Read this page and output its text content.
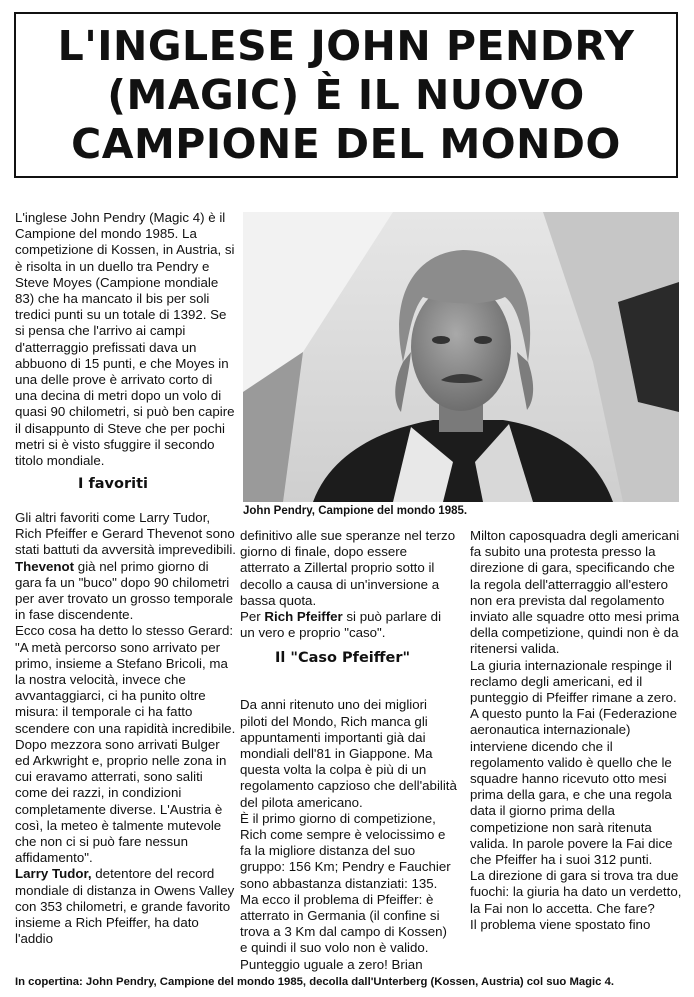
L'INGLESE JOHN PENDRY
(MAGIC) È IL NUOVO
CAMPIONE DEL MONDO

L'inglese John Pendry (Magic 4) è il Campione del mondo 1985. La competizione di Kossen, in Austria, si è risolta in un duello tra Pendry e Steve Moyes (Campione mondiale 83) che ha mancato il bis per soli tredici punti su un totale di 1392. Se si pensa che l'arrivo ai campi d'atterraggio prefissati dava un abbuono di 15 punti, e che Moyes in una delle prove è arrivato corto di una decina di metri dopo un volo di quasi 90 chilometri, si può ben capire il disappunto di Steve che per pochi metri si è visto sfuggire il secondo titolo mondiale.

John Pendry, Campione del mondo 1985.
I favoriti

Gli altri favoriti come Larry Tudor, Rich Pfeiffer e Gerard Thevenot sono stati battuti da avversità imprevedibili.

Thevenot già nel primo giorno di gara fa un "buco" dopo 90 chilometri per aver trovato un grosso temporale in fase discendente.

Ecco cosa ha detto lo stesso Gerard: "A metà percorso sono arrivato per primo, insieme a Stefano Bricoli, ma la nostra velocità, invece che avvantaggiarci, ci ha punito oltre misura: il temporale ci ha fatto scendere con una rapidità incredibile. Dopo mezzora sono arrivati Bulger ed Arkwright e, proprio nelle zona in cui eravamo atterrati, sono saliti come dei razzi, in condizioni completamente diverse. L'Austria è così, la meteo è talmente mutevole che non ci si può fare nessun affidamento".

Larry Tudor, detentore del record mondiale di distanza in Owens Valley con 353 chilometri, e grande favorito insieme a Rich Pfeiffer, ha dato l'addio

definitivo alle sue speranze nel terzo giorno di finale, dopo essere atterrato a Zillertal proprio sotto il decollo a causa di un'inversione a bassa quota.

Per Rich Pfeiffer si può parlare di un vero e proprio "caso".

Da anni ritenuto uno dei migliori piloti del Mondo, Rich manca gli appuntamenti importanti già dai mondiali dell'81 in Giappone. Ma questa volta la colpa è più di un regolamento capzioso che dell'abilità del pilota americano.

È il primo giorno di competizione, Rich come sempre è velocissimo e fa la migliore distanza del suo gruppo: 156 Km; Pendry e Fauchier sono abbastanza distanziati: 135. Ma ecco il problema di Pfeiffer: è atterrato in Germania (il confine si trova a 3 Km dal campo di Kossen) e quindi il suo volo non è valido. Punteggio uguale a zero! Brian

Il "Caso Pfeiffer"

Milton caposquadra degli americani fa subito una protesta presso la direzione di gara, specificando che la regola dell'atterraggio all'estero non era prevista dal regolamento inviato alle squadre otto mesi prima della competizione, quindi non è da ritenersi valida.

La giuria internazionale respinge il reclamo degli americani, ed il punteggio di Pfeiffer rimane a zero.

A questo punto la Fai (Federazione aeronautica internazionale) interviene dicendo che il regolamento valido è quello che le squadre hanno ricevuto otto mesi prima della gara, e che una regola data il giorno prima della competizione non sarà ritenuta valida. In parole povere la Fai dice che Pfeiffer ha i suoi 312 punti.

La direzione di gara si trova tra due fuochi: la giuria ha dato un verdetto, la Fai non lo accetta. Che fare?

Il problema viene spostato fino

In copertina: John Pendry, Campione del mondo 1985, decolla dall'Unterberg (Kossen, Austria) col suo Magic 4.
